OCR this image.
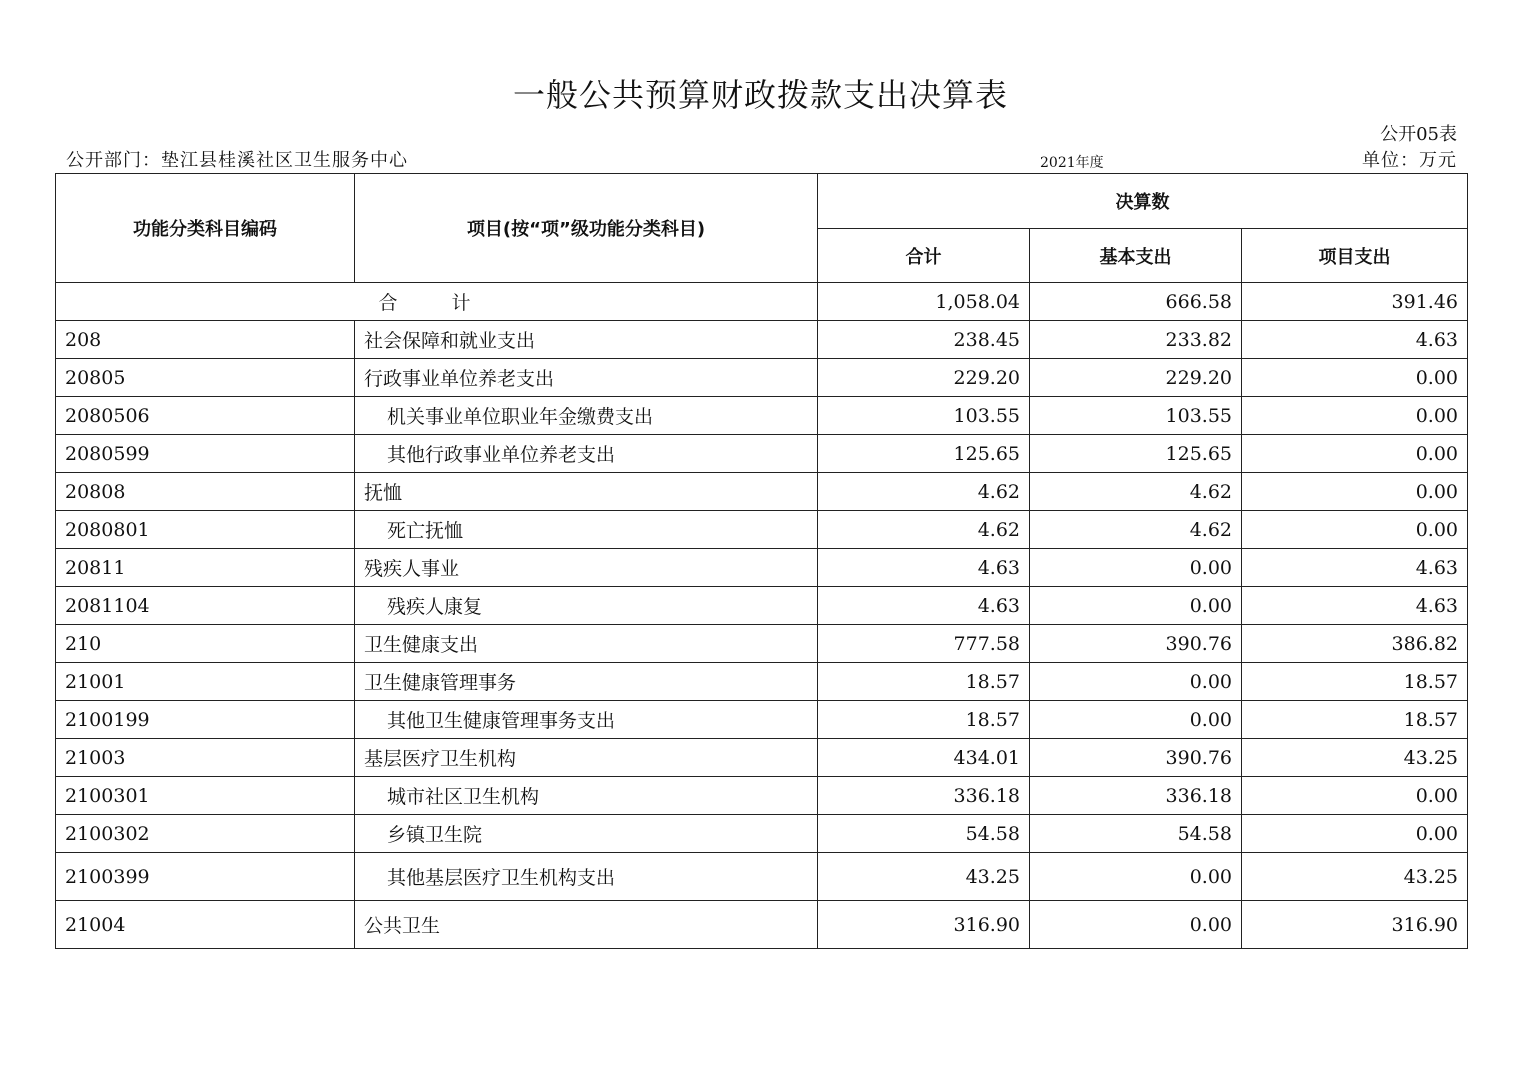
一般公共预算财政拨款支出决算表
公开05表
公开部门：垫江县桂溪社区卫生服务中心	2021年度	单位：万元
功能分类科目编码	项目(按“项”级功能分类科目)	决算数		
		合计	基本支出	项目支出
合 计		1,058.04	666.58	391.46
208	社会保障和就业支出	238.45	233.82	4.63
20805	行政事业单位养老支出	229.20	229.20	0.00
2080506	机关事业单位职业年金缴费支出	103.55	103.55	0.00
2080599	其他行政事业单位养老支出	125.65	125.65	0.00
20808	抚恤	4.62	4.62	0.00
2080801	死亡抚恤	4.62	4.62	0.00
20811	残疾人事业	4.63	0.00	4.63
2081104	残疾人康复	4.63	0.00	4.63
210	卫生健康支出	777.58	390.76	386.82
21001	卫生健康管理事务	18.57	0.00	18.57
2100199	其他卫生健康管理事务支出	18.57	0.00	18.57
21003	基层医疗卫生机构	434.01	390.76	43.25
2100301	城市社区卫生机构	336.18	336.18	0.00
2100302	乡镇卫生院	54.58	54.58	0.00
2100399	其他基层医疗卫生机构支出	43.25	0.00	43.25
21004	公共卫生	316.90	0.00	316.90
